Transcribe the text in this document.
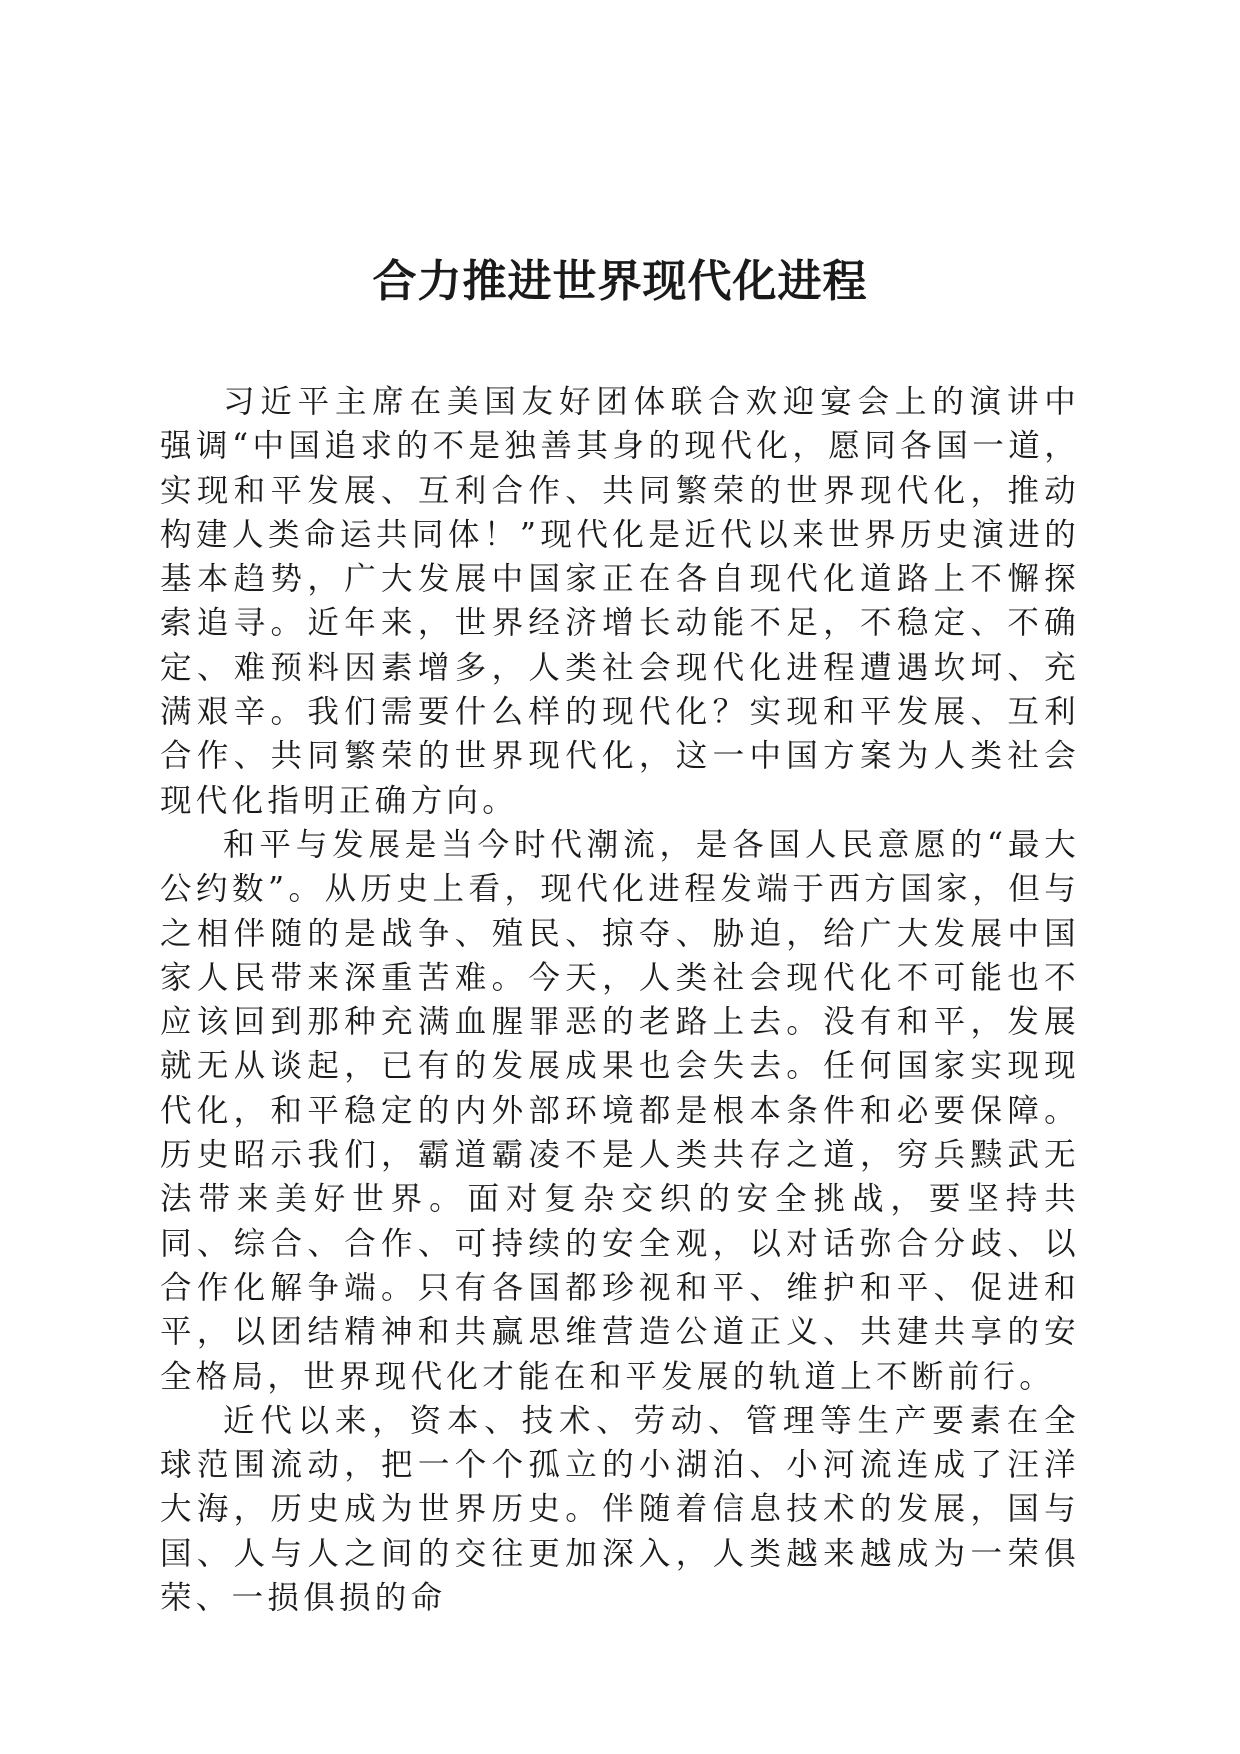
合力推进世界现代化进程

习近平主席在美国友好团体联合欢迎宴会上的演讲中强调“中国追求的不是独善其身的现代化，愿同各国一道，实现和平发展、互利合作、共同繁荣的世界现代化，推动构建人类命运共同体！”现代化是近代以来世界历史演进的基本趋势，广大发展中国家正在各自现代化道路上不懈探索追寻。近年来，世界经济增长动能不足，不稳定、不确定、难预料因素增多，人类社会现代化进程遭遇坎坷、充满艰辛。我们需要什么样的现代化？实现和平发展、互利合作、共同繁荣的世界现代化，这一中国方案为人类社会现代化指明正确方向。

和平与发展是当今时代潮流，是各国人民意愿的“最大公约数”。从历史上看，现代化进程发端于西方国家，但与之相伴随的是战争、殖民、掠夺、胁迫，给广大发展中国家人民带来深重苦难。今天，人类社会现代化不可能也不应该回到那种充满血腥罪恶的老路上去。没有和平，发展就无从谈起，已有的发展成果也会失去。任何国家实现现代化，和平稳定的内外部环境都是根本条件和必要保障。历史昭示我们，霸道霸凌不是人类共存之道，穷兵黩武无法带来美好世界。面对复杂交织的安全挑战，要坚持共同、综合、合作、可持续的安全观，以对话弥合分歧、以合作化解争端。只有各国都珍视和平、维护和平、促进和平，以团结精神和共赢思维营造公道正义、共建共享的安全格局，世界现代化才能在和平发展的轨道上不断前行。

近代以来，资本、技术、劳动、管理等生产要素在全球范围流动，把一个个孤立的小湖泊、小河流连成了汪洋大海，历史成为世界历史。伴随着信息技术的发展，国与国、人与人之间的交往更加深入，人类越来越成为一荣俱荣、一损俱损的命
